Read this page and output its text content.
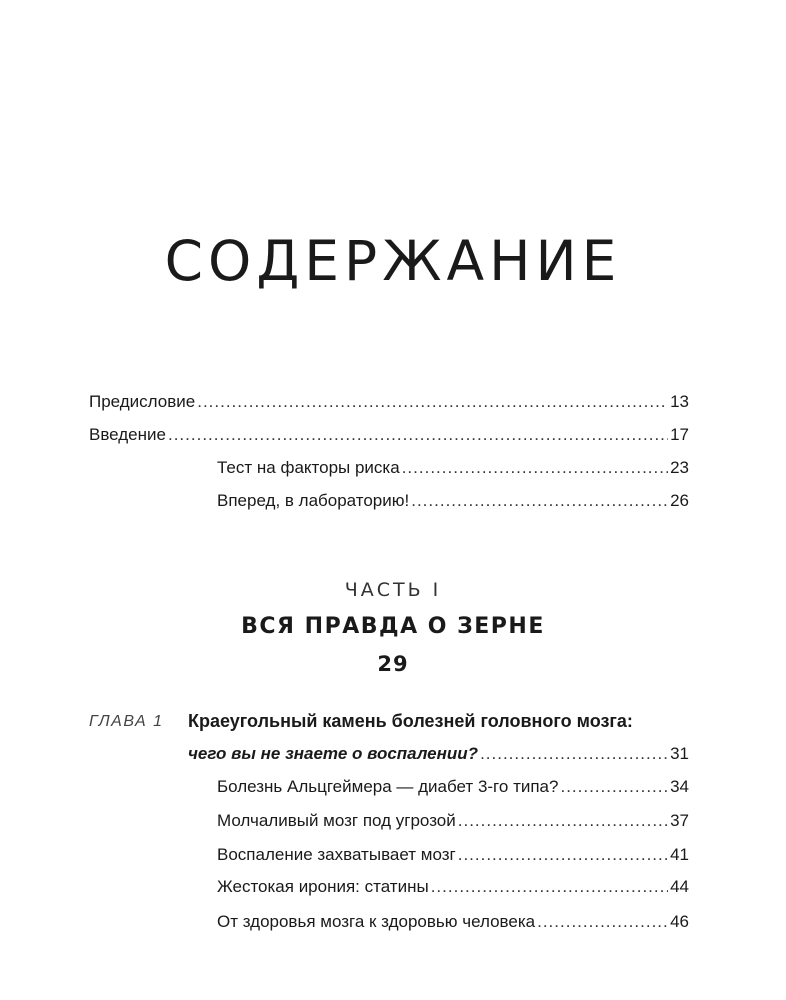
СОДЕРЖАНИЕ
Предисловие .....	13
Введение .....	17
Тест на факторы риска .....	23
Вперед, в лабораторию! .....	26
ЧАСТЬ I
ВСЯ ПРАВДА О ЗЕРНЕ
29
ГЛАВА 1 Краеугольный камень болезней головного мозга:
чего вы не знаете о воспалении? .....	31
Болезнь Альцгеймера — диабет 3-го типа? .....	34
Молчаливый мозг под угрозой .....	37
Воспаление захватывает мозг .....	41
Жестокая ирония: статины .....	44
От здоровья мозга к здоровью человека .....	46
